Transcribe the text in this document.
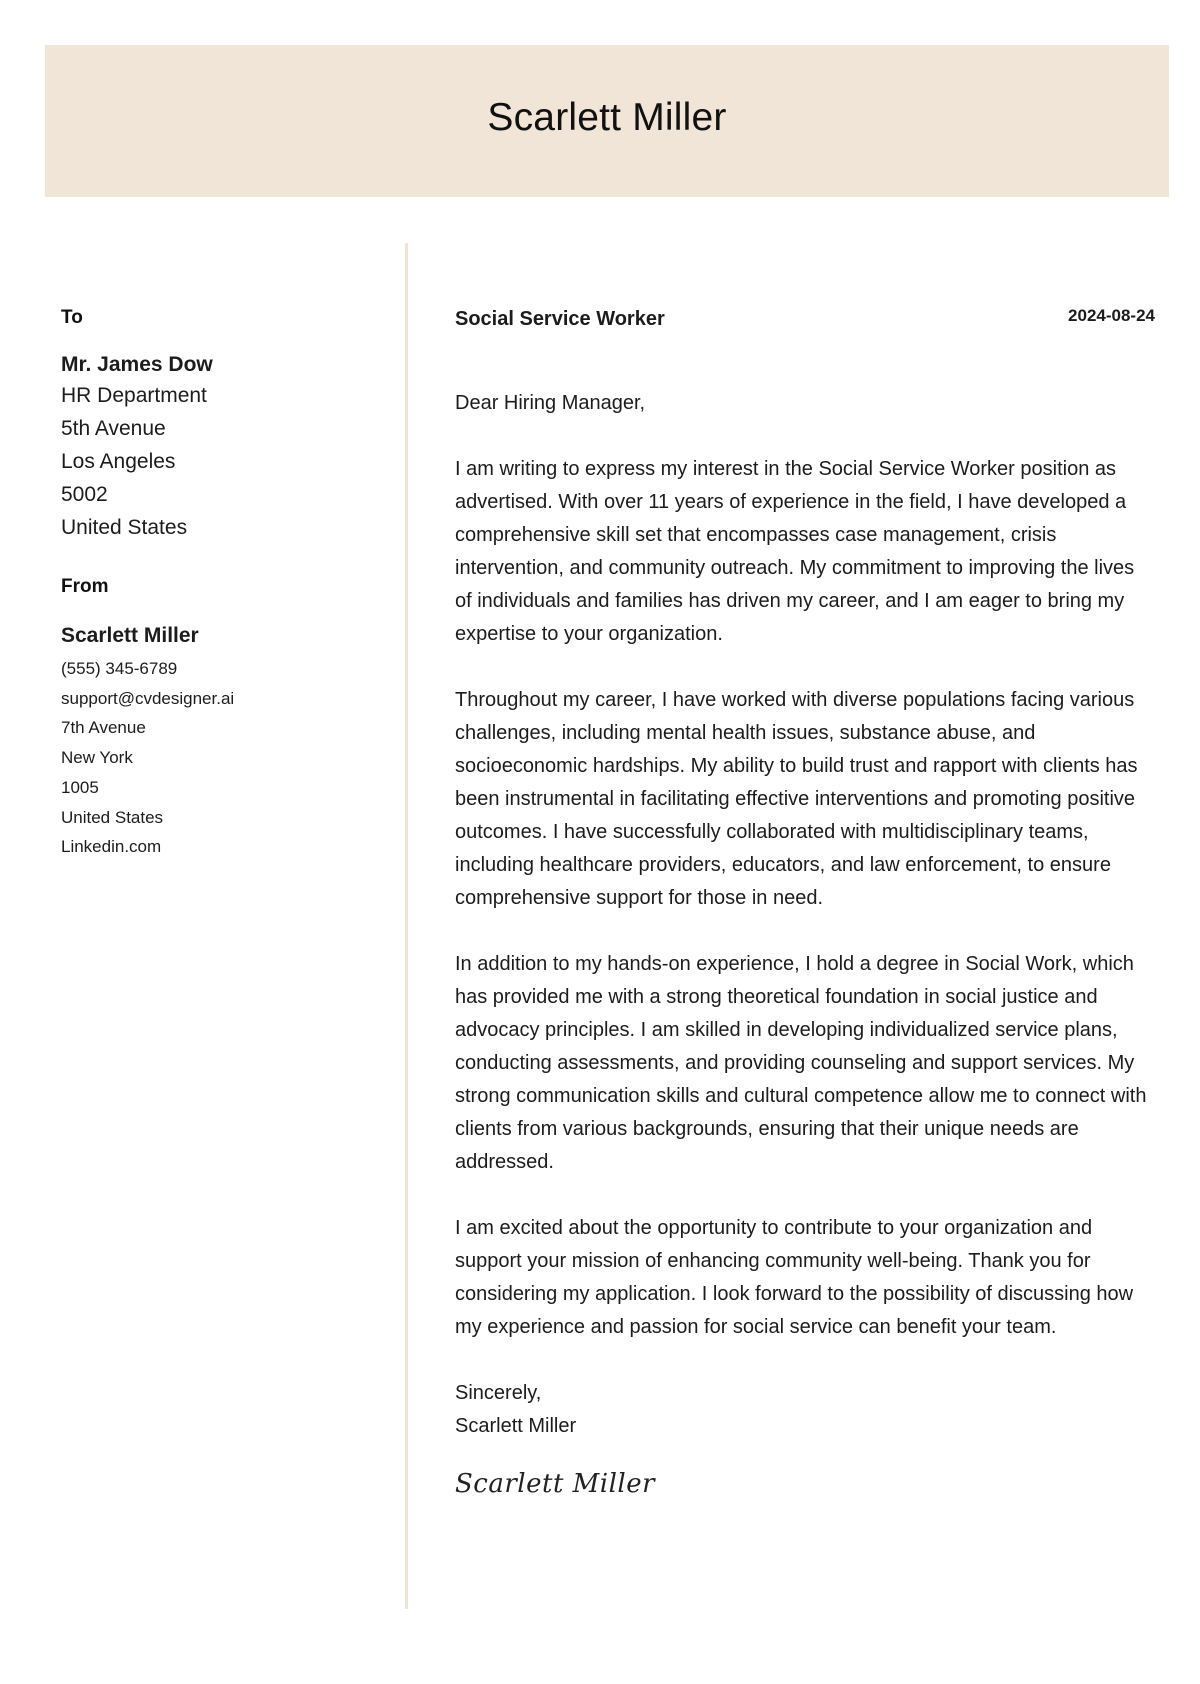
Scarlett Miller
To
Mr. James Dow
HR Department
5th Avenue
Los Angeles
5002
United States
From
Scarlett Miller
(555) 345-6789
support@cvdesigner.ai
7th Avenue
New York
1005
United States
Linkedin.com
Social Service Worker	2024-08-24
Dear Hiring Manager,

I am writing to express my interest in the Social Service Worker position as advertised. With over 11 years of experience in the field, I have developed a comprehensive skill set that encompasses case management, crisis intervention, and community outreach. My commitment to improving the lives of individuals and families has driven my career, and I am eager to bring my expertise to your organization.

Throughout my career, I have worked with diverse populations facing various challenges, including mental health issues, substance abuse, and socioeconomic hardships. My ability to build trust and rapport with clients has been instrumental in facilitating effective interventions and promoting positive outcomes. I have successfully collaborated with multidisciplinary teams, including healthcare providers, educators, and law enforcement, to ensure comprehensive support for those in need.

In addition to my hands-on experience, I hold a degree in Social Work, which has provided me with a strong theoretical foundation in social justice and advocacy principles. I am skilled in developing individualized service plans, conducting assessments, and providing counseling and support services. My strong communication skills and cultural competence allow me to connect with clients from various backgrounds, ensuring that their unique needs are addressed.

I am excited about the opportunity to contribute to your organization and support your mission of enhancing community well-being. Thank you for considering my application. I look forward to the possibility of discussing how my experience and passion for social service can benefit your team.

Sincerely,
Scarlett Miller
Scarlett Miller
